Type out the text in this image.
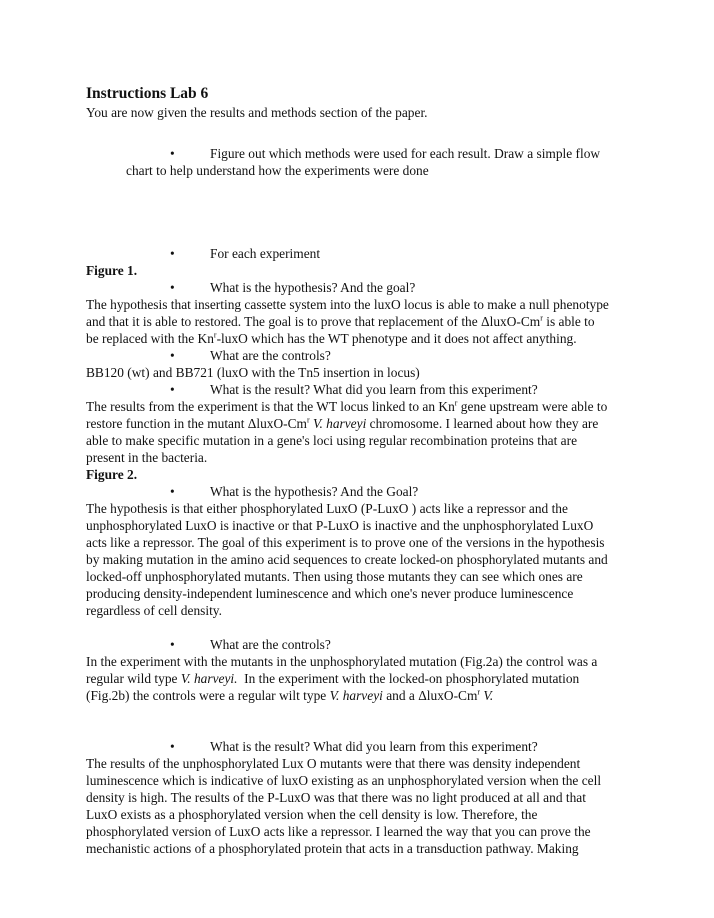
Instructions Lab 6

You are now given the results and methods section of the paper.

•	Figure out which methods were used for each result. Draw a simple flow

chart to help understand how the experiments were done

•	For each experiment

Figure 1.

•	What is the hypothesis? And the goal?

The hypothesis that inserting cassette system into the luxO locus is able to make a null phenotype

and that it is able to restored. The goal is to prove that replacement of the ΔluxO-Cm$^r$ is able to

be replaced with the Kn$^r$-luxO which has the WT phenotype and it does not affect anything.

•	What are the controls?

BB120 (wt) and BB721 (luxO with the Tn5 insertion in locus)

•	What is the result? What did you learn from this experiment?

The results from the experiment is that the WT locus linked to an Kn$^r$ gene upstream were able to

restore function in the mutant ΔluxO-Cm$^r$ V. harveyi chromosome. I learned about how they are

able to make specific mutation in a gene's loci using regular recombination proteins that are

present in the bacteria.

Figure 2.

•	What is the hypothesis? And the Goal?

The hypothesis is that either phosphorylated LuxO (P-LuxO ) acts like a repressor and the

unphosphorylated LuxO is inactive or that P-LuxO is inactive and the unphosphorylated LuxO

acts like a repressor. The goal of this experiment is to prove one of the versions in the hypothesis

by making mutation in the amino acid sequences to create locked-on phosphorylated mutants and

locked-off unphosphorylated mutants. Then using those mutants they can see which ones are

producing density-independent luminescence and which one's never produce luminescence

regardless of cell density.

•	What are the controls?

In the experiment with the mutants in the unphosphorylated mutation (Fig.2a) the control was a

regular wild type V. harveyi.  In the experiment with the locked-on phosphorylated mutation

(Fig.2b) the controls were a regular wilt type V. harveyi and a ΔluxO-Cm$^r$ V.

•	What is the result? What did you learn from this experiment?

The results of the unphosphorylated Lux O mutants were that there was density independent

luminescence which is indicative of luxO existing as an unphosphorylated version when the cell

density is high. The results of the P-LuxO was that there was no light produced at all and that

LuxO exists as a phosphorylated version when the cell density is low. Therefore, the

phosphorylated version of LuxO acts like a repressor. I learned the way that you can prove the

mechanistic actions of a phosphorylated protein that acts in a transduction pathway. Making
